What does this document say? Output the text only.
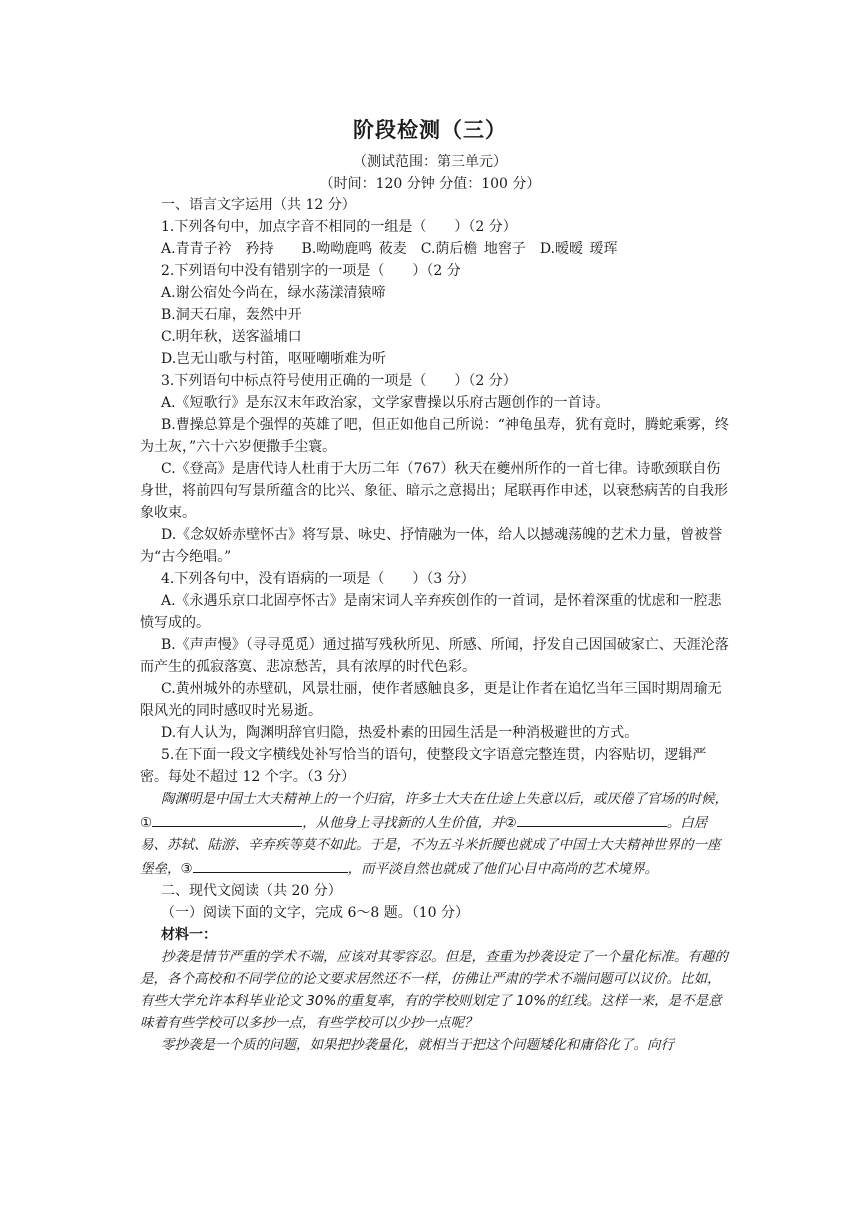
阶段检测（三）
（测试范围：第三单元）
（时间：120 分钟 分值：100 分）

一、语言文字运用（共 12 分）

1.下列各句中，加点字音不相同的一组是（　　）（2 分）

A.青青子衿　矜持　　B.呦呦鹿鸣 莜麦　C.荫后檐 地窖子　D.暧暧 瑷珲

2.下列语句中没有错别字的一项是（　　）（2 分

A.谢公宿处今尚在，绿水荡漾清猿啼

B.洞天石扉，轰然中开

C.明年秋，送客溢埔口

D.岂无山歌与村笛，呕哑嘲哳难为听

3.下列语句中标点符号使用正确的一项是（　　）（2 分）

A.《短歌行》是东汉末年政治家，文学家曹操以乐府古题创作的一首诗。

B.曹操总算是个强悍的英雄了吧，但正如他自己所说：“神龟虽寿，犹有竟时，腾蛇乘雾，终为土灰，”六十六岁便撒手尘寰。

C.《登高》是唐代诗人杜甫于大历二年（767）秋天在夔州所作的一首七律。诗歌颈联自伤身世，将前四句写景所蕴含的比兴、象征、暗示之意揭出；尾联再作申述，以衰愁病苦的自我形象收束。

D.《念奴娇赤壁怀古》将写景、咏史、抒情融为一体，给人以撼魂荡魄的艺术力量，曾被誉为“古今绝唱。”

4.下列各句中，没有语病的一项是（　　）（3 分）

A.《永遇乐京口北固亭怀古》是南宋词人辛弃疾创作的一首词，是怀着深重的忧虑和一腔悲愤写成的。

B.《声声慢》（寻寻觅觅）通过描写残秋所见、所感、所闻，抒发自己因国破家亡、天涯沦落而产生的孤寂落寞、悲凉愁苦，具有浓厚的时代色彩。

C.黄州城外的赤壁矶，风景壮丽，使作者感触良多，更是让作者在追忆当年三国时期周瑜无限风光的同时感叹时光易逝。

D.有人认为，陶渊明辞官归隐，热爱朴素的田园生活是一种消极避世的方式。

5.在下面一段文字横线处补写恰当的语句，使整段文字语意完整连贯，内容贴切，逻辑严密。每处不超过 12 个字。（3 分）

陶渊明是中国士大夫精神上的一个归宿，许多士大夫在仕途上失意以后，或厌倦了官场的时候，①	，从他身上寻找新的人生价值，并②	。白居易、苏轼、陆游、辛弃疾等莫不如此。于是，不为五斗米折腰也就成了中国士大夫精神世界的一座堡垒，③	，而平淡自然也就成了他们心目中高尚的艺术境界。

二、现代文阅读（共 20 分）

（一）阅读下面的文字，完成 6～8 题。（10 分）

材料一：

抄袭是情节严重的学术不端，应该对其零容忍。但是，查重为抄袭设定了一个量化标准。有趣的是，各个高校和不同学位的论文要求居然还不一样，仿佛让严肃的学术不端问题可以议价。比如，有些大学允许本科毕业论文 30%的重复率，有的学校则划定了 10%的红线。这样一来，是不是意味着有些学校可以多抄一点，有些学校可以少抄一点呢？

零抄袭是一个质的问题，如果把抄袭量化，就相当于把这个问题矮化和庸俗化了。向行
